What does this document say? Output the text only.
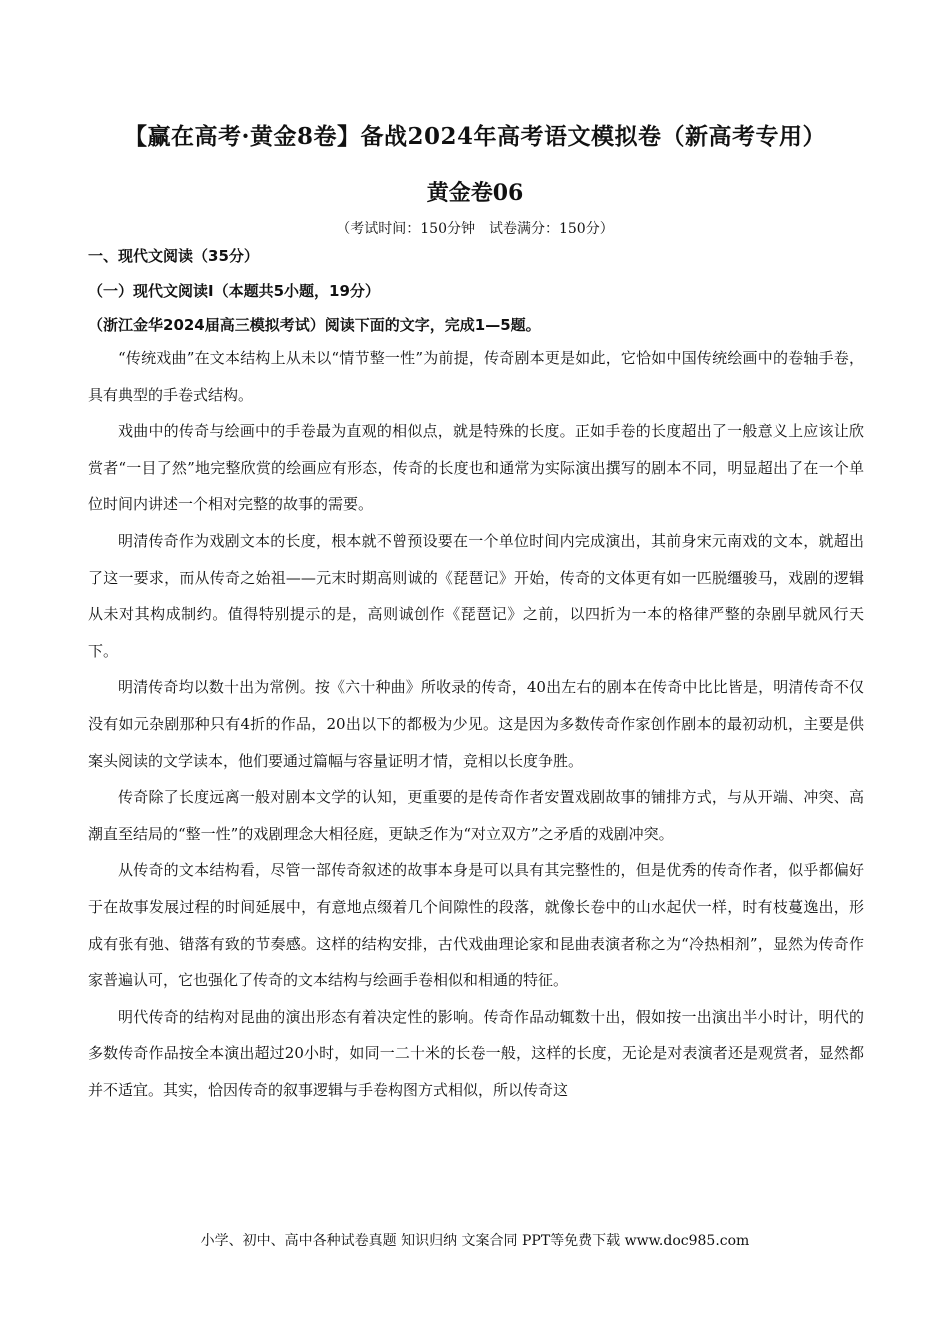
【赢在高考·黄金8卷】备战2024年高考语文模拟卷（新高考专用）
黄金卷06
（考试时间：150分钟　试卷满分：150分）
一、现代文阅读（35分）
（一）现代文阅读Ⅰ（本题共5小题，19分）
（浙江金华2024届高三模拟考试）阅读下面的文字，完成1—5题。

“传统戏曲”在文本结构上从未以“情节整一性”为前提，传奇剧本更是如此，它恰如中国传统绘画中的卷轴手卷，具有典型的手卷式结构。

戏曲中的传奇与绘画中的手卷最为直观的相似点，就是特殊的长度。正如手卷的长度超出了一般意义上应该让欣赏者“一目了然”地完整欣赏的绘画应有形态，传奇的长度也和通常为实际演出撰写的剧本不同，明显超出了在一个单位时间内讲述一个相对完整的故事的需要。

明清传奇作为戏剧文本的长度，根本就不曾预设要在一个单位时间内完成演出，其前身宋元南戏的文本，就超出了这一要求，而从传奇之始祖——元末时期高则诚的《琵琶记》开始，传奇的文体更有如一匹脱缰骏马，戏剧的逻辑从未对其构成制约。值得特别提示的是，高则诚创作《琵琶记》之前，以四折为一本的格律严整的杂剧早就风行天下。

明清传奇均以数十出为常例。按《六十种曲》所收录的传奇，40出左右的剧本在传奇中比比皆是，明清传奇不仅没有如元杂剧那种只有4折的作品，20出以下的都极为少见。这是因为多数传奇作家创作剧本的最初动机，主要是供案头阅读的文学读本，他们要通过篇幅与容量证明才情，竞相以长度争胜。

传奇除了长度远离一般对剧本文学的认知，更重要的是传奇作者安置戏剧故事的铺排方式，与从开端、冲突、高潮直至结局的“整一性”的戏剧理念大相径庭，更缺乏作为“对立双方”之矛盾的戏剧冲突。

从传奇的文本结构看，尽管一部传奇叙述的故事本身是可以具有其完整性的，但是优秀的传奇作者，似乎都偏好于在故事发展过程的时间延展中，有意地点缀着几个间隙性的段落，就像长卷中的山水起伏一样，时有枝蔓逸出，形成有张有弛、错落有致的节奏感。这样的结构安排，古代戏曲理论家和昆曲表演者称之为“冷热相剂”，显然为传奇作家普遍认可，它也强化了传奇的文本结构与绘画手卷相似和相通的特征。

明代传奇的结构对昆曲的演出形态有着决定性的影响。传奇作品动辄数十出，假如按一出演出半小时计，明代的多数传奇作品按全本演出超过20小时，如同一二十米的长卷一般，这样的长度，无论是对表演者还是观赏者，显然都并不适宜。其实，恰因传奇的叙事逻辑与手卷构图方式相似，所以传奇这

小学、初中、高中各种试卷真题 知识归纳 文案合同 PPT等免费下载 www.doc985.com
